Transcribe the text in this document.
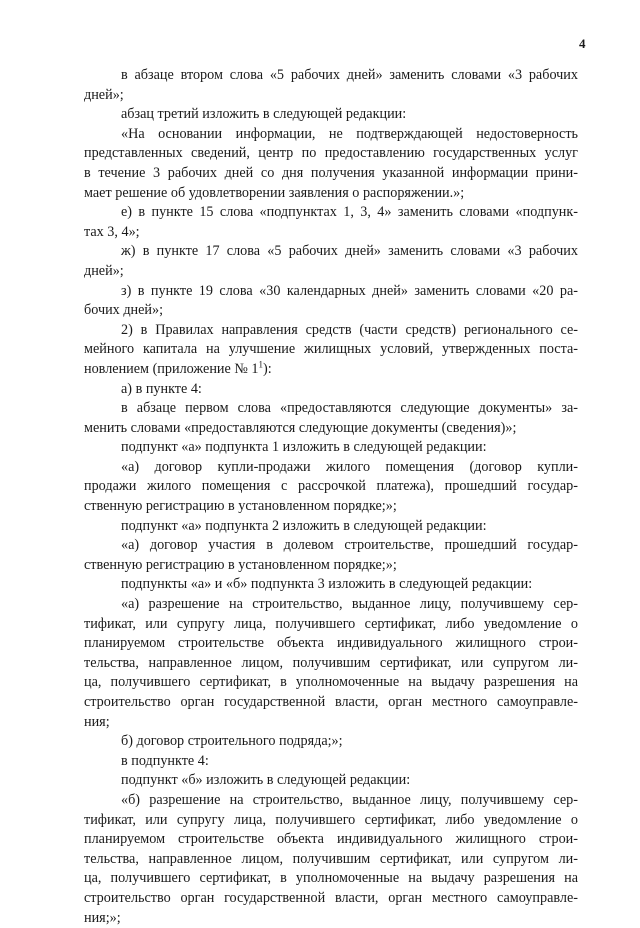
4
в абзаце втором слова «5 рабочих дней» заменить словами «3 рабочих
дней»;
абзац третий изложить в следующей редакции:
«На основании информации, не подтверждающей недостоверность
представленных сведений, центр по предоставлению государственных услуг
в течение 3 рабочих дней со дня получения указанной информации прини-
мает решение об удовлетворении заявления о распоряжении.»;
е) в пункте 15 слова «подпунктах 1, 3, 4» заменить словами «подпунк-
тах 3, 4»;
ж) в пункте 17 слова «5 рабочих дней» заменить словами «3 рабочих
дней»;
з) в пункте 19 слова «30 календарных дней» заменить словами «20 ра-
бочих дней»;
2) в Правилах направления средств (части средств) регионального се-
мейного капитала на улучшение жилищных условий, утвержденных поста-
новлением (приложение № $1^1$):
а) в пункте 4:
в абзаце первом слова «предоставляются следующие документы» за-
менить словами «предоставляются следующие документы (сведения)»;
подпункт «а» подпункта 1 изложить в следующей редакции:
«а) договор купли-продажи жилого помещения (договор купли-
продажи жилого помещения с рассрочкой платежа), прошедший государ-
ственную регистрацию в установленном порядке;»;
подпункт «а» подпункта 2 изложить в следующей редакции:
«а) договор участия в долевом строительстве, прошедший государ-
ственную регистрацию в установленном порядке;»;
подпункты «а» и «б» подпункта 3 изложить в следующей редакции:
«а) разрешение на строительство, выданное лицу, получившему сер-
тификат, или супругу лица, получившего сертификат, либо уведомление о
планируемом строительстве объекта индивидуального жилищного строи-
тельства, направленное лицом, получившим сертификат, или супругом ли-
ца, получившего сертификат, в уполномоченные на выдачу разрешения на
строительство орган государственной власти, орган местного самоуправле-
ния;
б) договор строительного подряда;»;
в подпункте 4:
подпункт «б» изложить в следующей редакции:
«б) разрешение на строительство, выданное лицу, получившему сер-
тификат, или супругу лица, получившего сертификат, либо уведомление о
планируемом строительстве объекта индивидуального жилищного строи-
тельства, направленное лицом, получившим сертификат, или супругом ли-
ца, получившего сертификат, в уполномоченные на выдачу разрешения на
строительство орган государственной власти, орган местного самоуправле-
ния;»;
